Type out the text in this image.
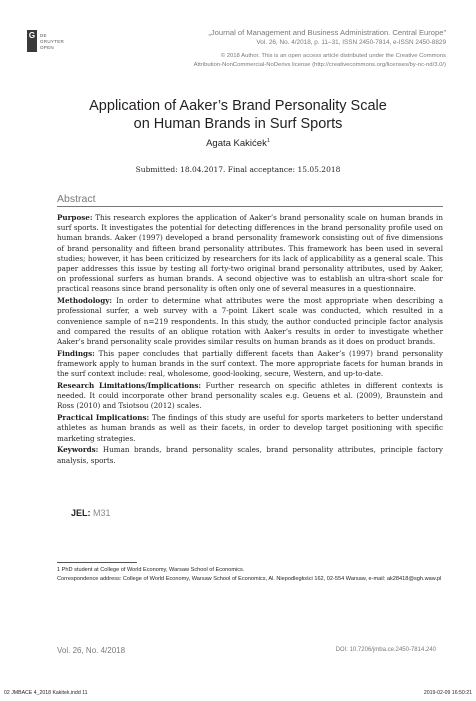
G	DE GRUYTER
OPEN
„Journal of Management and Business Administration. Central Europe”
Vol. 26, No. 4/2018, p. 11–31, ISSN 2450-7814, e-ISSN 2450-8829
© 2018 Author. This is an open access article distributed under the Creative Commons
Attribution-NonCommercial-NoDerivs license (http://creativecommons.org/licenses/by-nc-nd/3.0/)
Application of Aaker’s Brand Personality Scale
on Human Brands in Surf Sports
Agata Kakićek$^1$
Submitted: 18.04.2017. Final acceptance: 15.05.2018
Abstract

Purpose: This research explores the application of Aaker’s brand personality scale on human brands in surf sports. It investigates the potential for detecting differences in the brand personality profile used on human brands. Aaker (1997) developed a brand personality framework consisting out of five dimensions of brand personality and fifteen brand personality attributes. This framework has been used in several studies; however, it has been criticized by researchers for its lack of applicability as a general scale. This paper addresses this issue by testing all forty-two original brand personality attributes, used by Aaker, on professional surfers as human brands. A second objective was to establish an ultra-short scale for practical reasons since brand personality is often only one of several measures in a questionnaire.

Methodology: In order to determine what attributes were the most appropriate when describing a professional surfer, a web survey with a 7-point Likert scale was conducted, which resulted in a convenience sample of n=219 respondents. In this study, the author conducted principle factor analysis and compared the results of an oblique rotation with Aaker’s results in order to investigate whether Aaker’s brand personality scale provides similar results on human brands as it does on product brands.

Findings: This paper concludes that partially different facets than Aaker’s (1997) brand personality framework apply to human brands in the surf context. The more appropriate facets for human brands in the surf context include: real, wholesome, good-looking, secure, Western, and up-to-date.

Research Limitations/Implications: Further research on specific athletes in different contexts is needed. It could incorporate other brand personality scales e.g. Geuens et al. (2009), Braunstein and Ross (2010) and Tsiotsou (2012) scales.

Practical Implications: The findings of this study are useful for sports marketers to better understand athletes as human brands as well as their facets, in order to develop target positioning with specific marketing strategies.

Keywords: Human brands, brand personality scales, brand personality attributes, principle factory analysis, sports.

JEL: M31
1 PhD student at College of World Economy, Warsaw School of Economics.
Correspondence address: College of World Economy, Warsaw School of Economics, Al. Niepodległości 162, 02-554 Warsaw, e-mail: ak28418@sgh.waw.pl
Vol. 26, No. 4/2018	DOI: 10.7206/jmba.ce.2450-7814.240
02 JMBACE 4_2018 Kakitek.indd 11	2019-02-09 16:50:21
